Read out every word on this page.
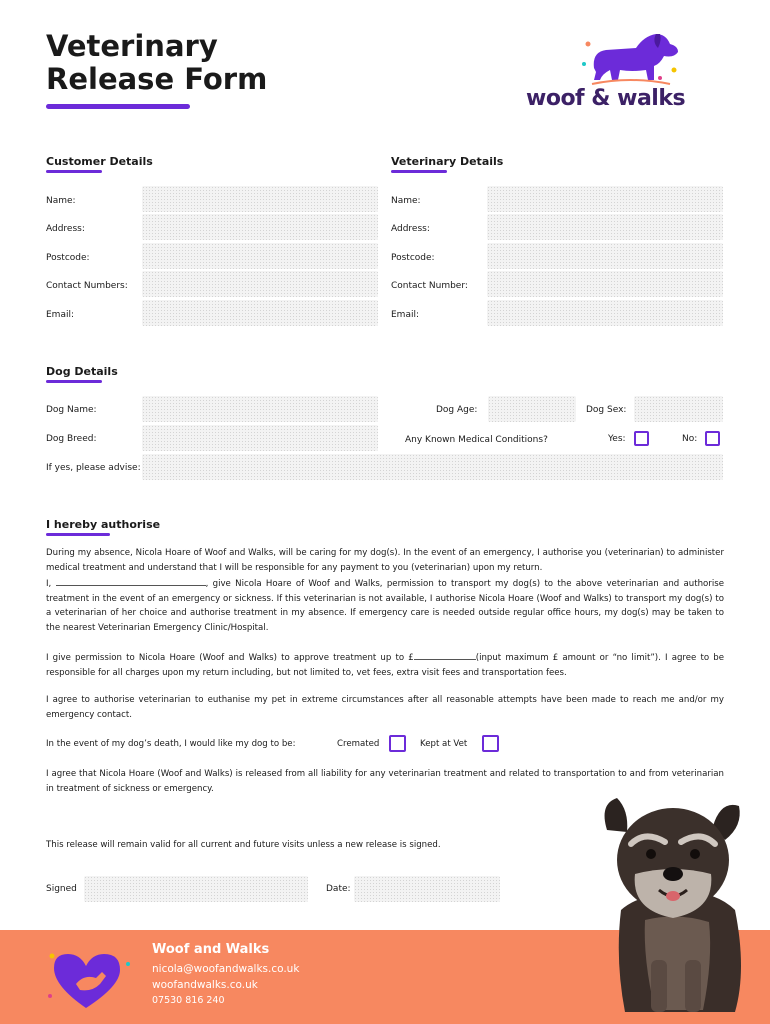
Veterinary
Release Form
woof & walks
Customer Details
Name:
Address:
Postcode:
Contact Numbers:
Email:
Veterinary Details
Name:
Address:
Postcode:
Contact Number:
Email:
Dog Details
Dog Name:	Dog Age:	Dog Sex:
Dog Breed:	Any Known Medical Conditions?	Yes:	No:
If yes, please advise:
I hereby authorise
During my absence, Nicola Hoare of Woof and Walks, will be caring for my dog(s). In the event of an emergency, I authorise you (veterinarian) to administer medical treatment and understand that I will be responsible for any payment to you (veterinarian) upon my return.
I,	, give Nicola Hoare of Woof and Walks, permission to transport my dog(s) to the above veterinarian and authorise treatment in the event of an emergency or sickness. If this veterinarian is not available, I authorise Nicola Hoare (Woof and Walks) to transport my dog(s) to a veterinarian of her choice and authorise treatment in my absence. If emergency care is needed outside regular office hours, my dog(s) may be taken to the nearest Veterinarian Emergency Clinic/Hospital.
I give permission to Nicola Hoare (Woof and Walks) to approve treatment up to £	(input maximum £ amount or “no limit”). I agree to be responsible for all charges upon my return including, but not limited to, vet fees, extra visit fees and transportation fees.
I agree to authorise veterinarian to euthanise my pet in extreme circumstances after all reasonable attempts have been made to reach me and/or my emergency contact.
In the event of my dog’s death, I would like my dog to be:	Cremated	Kept at Vet
I agree that Nicola Hoare (Woof and Walks) is released from all liability for any veterinarian treatment and related to transportation to and from veterinarian in treatment of sickness or emergency.
This release will remain valid for all current and future visits unless a new release is signed.
Signed	Date:
Woof and Walks
nicola@woofandwalks.co.uk
woofandwalks.co.uk
07530 816 240
